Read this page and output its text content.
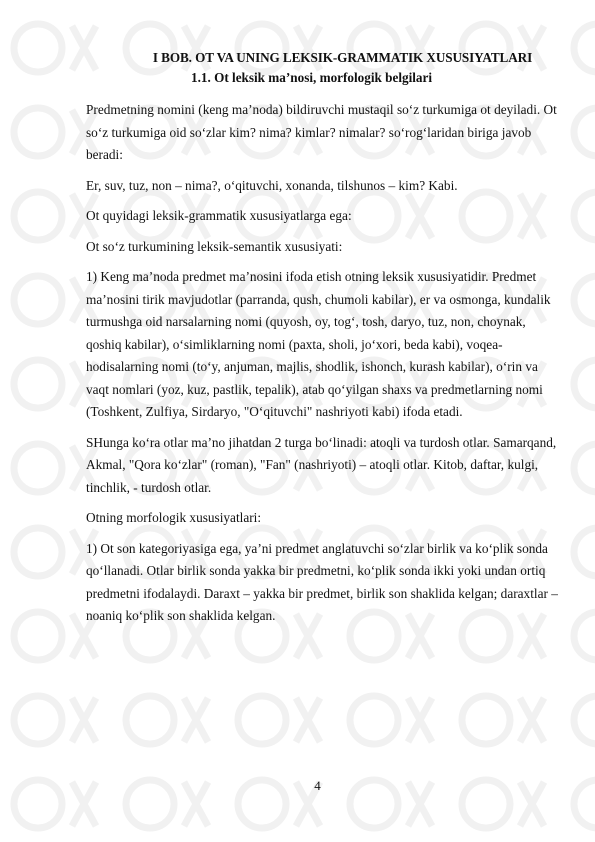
I BOB. OT VA UNING LEKSIK-GRAMMATIK XUSUSIYATLARI
1.1. Ot leksik ma’nosi, morfologik belgilari

Predmetning nomini (keng ma’noda) bildiruvchi mustaqil so‘z turkumiga ot deyiladi. Ot so‘z turkumiga oid so‘zlar kim? nima? kimlar? nimalar? so‘rog‘laridan biriga javob beradi:

Er, suv, tuz, non – nima?, o‘qituvchi, xonanda, tilshunos – kim? Kabi.

Ot quyidagi leksik-grammatik xususiyatlarga ega:

Ot so‘z turkumining leksik-semantik xususiyati:

1) Keng ma’noda predmet ma’nosini ifoda etish otning leksik xususiyatidir. Predmet ma’nosini tirik mavjudotlar (parranda, qush, chumoli kabilar), er va osmonga, kundalik turmushga oid narsalarning nomi (quyosh, oy, tog‘, tosh, daryo, tuz, non, choynak, qoshiq kabilar), o‘simliklarning nomi (paxta, sholi, jo‘xori, beda kabi), voqea-hodisalarning nomi (to‘y, anjuman, majlis, shodlik, ishonch, kurash kabilar), o‘rin va vaqt nomlari (yoz, kuz, pastlik, tepalik), atab qo‘yilgan shaxs va predmetlarning nomi (Toshkent, Zulfiya, Sirdaryo, "O‘qituvchi" nashriyoti kabi) ifoda etadi.

SHunga ko‘ra otlar ma’no jihatdan 2 turga bo‘linadi: atoqli va turdosh otlar. Samarqand, Akmal, "Qora ko‘zlar" (roman), "Fan" (nashriyoti) – atoqli otlar. Kitob, daftar, kulgi, tinchlik, - turdosh otlar.

Otning morfologik xususiyatlari:

1) Ot son kategoriyasiga ega, ya’ni predmet anglatuvchi so‘zlar birlik va ko‘plik sonda qo‘llanadi. Otlar birlik sonda yakka bir predmetni, ko‘plik sonda ikki yoki undan ortiq predmetni ifodalaydi. Daraxt – yakka bir predmet, birlik son shaklida kelgan; daraxtlar – noaniq ko‘plik son shaklida kelgan.

4
